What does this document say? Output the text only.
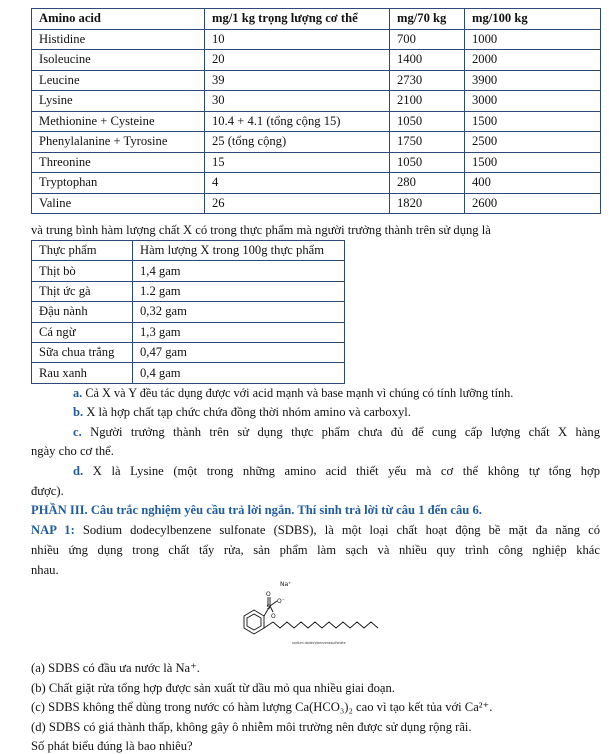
Amino acid	mg/1 kg trọng lượng cơ thể	mg/70 kg	mg/100 kg
Histidine	10	700	1000
Isoleucine	20	1400	2000
Leucine	39	2730	3900
Lysine	30	2100	3000
Methionine + Cysteine	10.4 + 4.1 (tổng cộng 15)	1050	1500
Phenylalanine + Tyrosine	25 (tổng cộng)	1750	2500
Threonine	15	1050	1500
Tryptophan	4	280	400
Valine	26	1820	2600
và trung bình hàm lượng chất X có trong thực phẩm mà người trưởng thành trên sử dụng là
Thực phẩm	Hàm lượng X trong 100g thực phẩm
Thịt bò	1,4 gam
Thịt ức gà	1.2 gam
Đậu nành	0,32 gam
Cá ngừ	1,3 gam
Sữa chua trắng	0,47 gam
Rau xanh	0,4 gam
a. Cả X và Y đều tác dụng được với acid mạnh và base mạnh vì chúng có tính lưỡng tính.
b. X là hợp chất tạp chức chứa đồng thời nhóm amino và carboxyl.
c. Người trưởng thành trên sử dụng thực phẩm chưa đủ để cung cấp lượng chất X hàng
ngày cho cơ thể.
d. X là Lysine (một trong những amino acid thiết yếu mà cơ thể không tự tổng hợp
được).
PHẦN III. Câu trắc nghiệm yêu cầu trả lời ngắn. Thí sinh trả lời từ câu 1 đến câu 6.
NAP 1: Sodium dodecylbenzene sulfonate (SDBS), là một loại chất hoạt động bề mặt đa năng có
nhiều ứng dụng trong chất tẩy rửa, sản phẩm làm sạch và nhiều quy trình công nghiệp khác
nhau.
Na⁺
O
S
O⁻
O
sodium dodecylbenzenesulfonate
(a) SDBS có đầu ưa nước là Na⁺.
(b) Chất giặt rửa tổng hợp được sản xuất từ dầu mỏ qua nhiều giai đoạn.
(c) SDBS không thể dùng trong nước có hàm lượng Ca(HCO₃)₂ cao vì tạo kết tủa với Ca²⁺.
(d) SDBS có giá thành thấp, không gây ô nhiễm môi trường nên được sử dụng rộng rãi.
Số phát biểu đúng là bao nhiêu?
